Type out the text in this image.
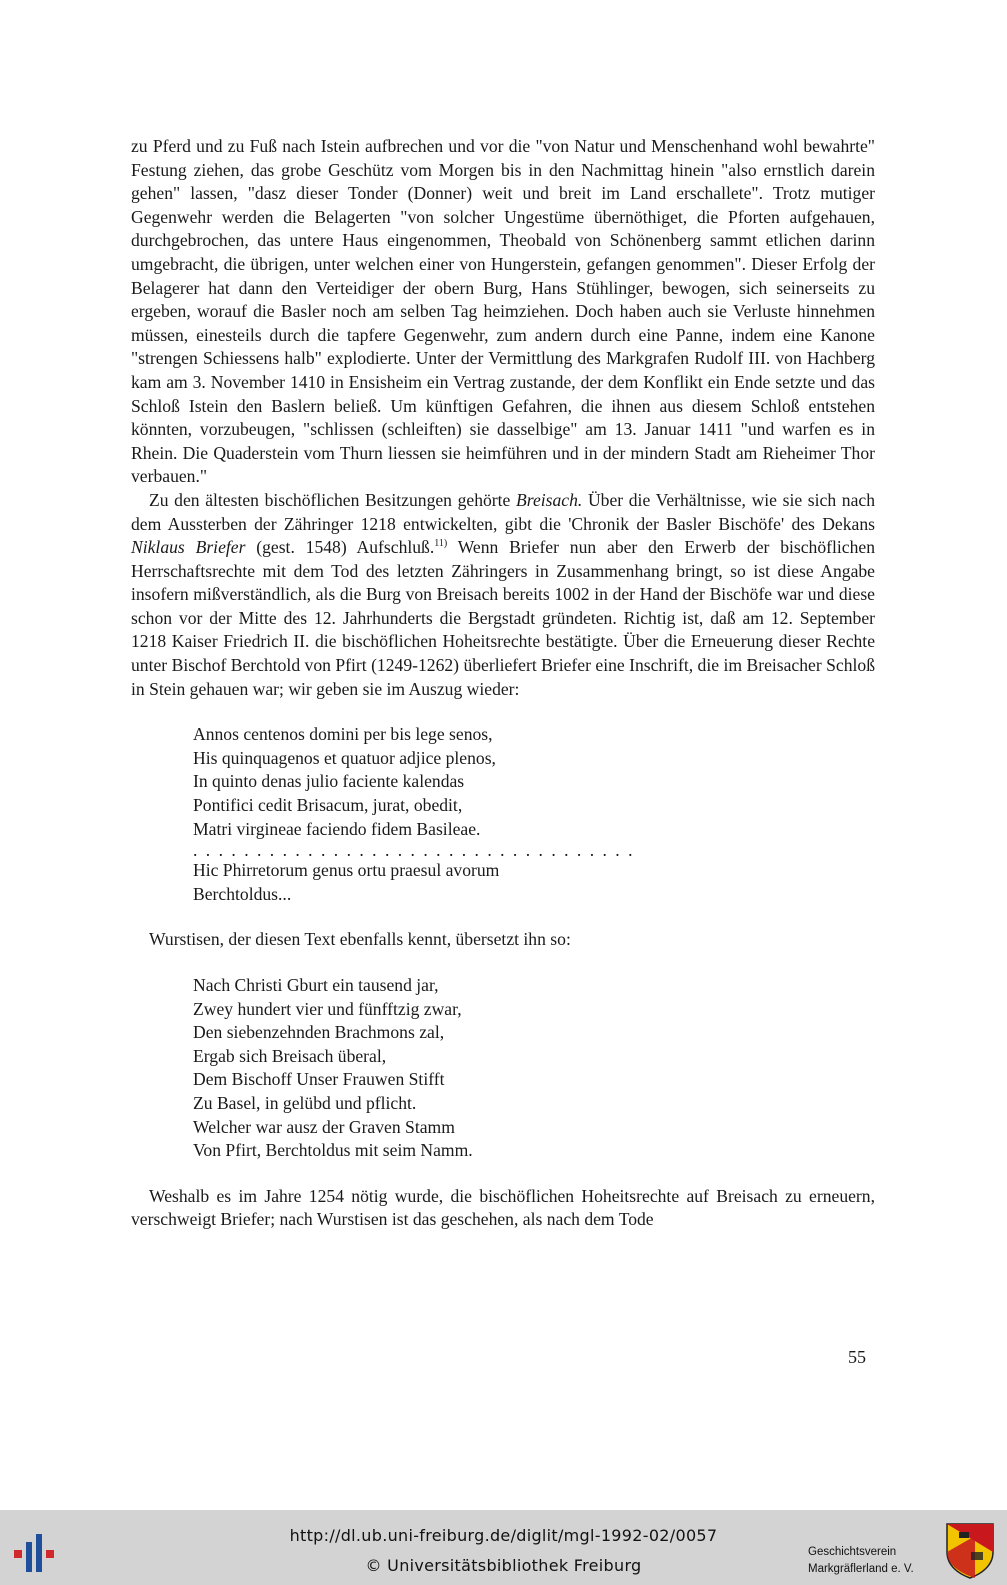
zu Pferd und zu Fuß nach Istein aufbrechen und vor die "von Natur und Menschenhand wohl bewahrte" Festung ziehen, das grobe Geschütz vom Morgen bis in den Nachmittag hinein "also ernstlich darein gehen" lassen, "dasz dieser Tonder (Donner) weit und breit im Land erschallete". Trotz mutiger Gegenwehr werden die Belagerten "von solcher Ungestüme übernöthiget, die Pforten aufgehauen, durchgebrochen, das untere Haus eingenommen, Theobald von Schönenberg sammt etlichen darinn umgebracht, die übrigen, unter welchen einer von Hungerstein, gefangen genommen". Dieser Erfolg der Belagerer hat dann den Verteidiger der obern Burg, Hans Stühlinger, bewogen, sich seinerseits zu ergeben, worauf die Basler noch am selben Tag heimziehen. Doch haben auch sie Verluste hinnehmen müssen, einesteils durch die tapfere Gegenwehr, zum andern durch eine Panne, indem eine Kanone "strengen Schiessens halb" explodierte. Unter der Vermittlung des Markgrafen Rudolf III. von Hachberg kam am 3. November 1410 in Ensisheim ein Vertrag zustande, der dem Konflikt ein Ende setzte und das Schloß Istein den Baslern beließ. Um künftigen Gefahren, die ihnen aus diesem Schloß entstehen könnten, vorzubeugen, "schlissen (schleiften) sie dasselbige" am 13. Januar 1411 "und warfen es in Rhein. Die Quaderstein vom Thurn liessen sie heimführen und in der mindern Stadt am Rieheimer Thor verbauen."

Zu den ältesten bischöflichen Besitzungen gehörte Breisach. Über die Verhältnisse, wie sie sich nach dem Aussterben der Zähringer 1218 entwickelten, gibt die 'Chronik der Basler Bischöfe' des Dekans Niklaus Briefer (gest. 1548) Aufschluß.$^{11)}$ Wenn Briefer nun aber den Erwerb der bischöflichen Herrschaftsrechte mit dem Tod des letzten Zähringers in Zusammenhang bringt, so ist diese Angabe insofern mißverständlich, als die Burg von Breisach bereits 1002 in der Hand der Bischöfe war und diese schon vor der Mitte des 12. Jahrhunderts die Bergstadt gründeten. Richtig ist, daß am 12. September 1218 Kaiser Friedrich II. die bischöflichen Hoheitsrechte bestätigte. Über die Erneuerung dieser Rechte unter Bischof Berchtold von Pfirt (1249-1262) überliefert Briefer eine Inschrift, die im Breisacher Schloß in Stein gehauen war; wir geben sie im Auszug wieder:

Annos centenos domini per bis lege senos,
His quinquagenos et quatuor adjice plenos,
In quinto denas julio faciente kalendas
Pontifici cedit Brisacum, jurat, obedit,
Matri virgineae faciendo fidem Basileae.
. . . . . . . . . . . . . . . . . . . . . . . . . . . . . . . . . . .
Hic Phirretorum genus ortu praesul avorum
Berchtoldus...

Wurstisen, der diesen Text ebenfalls kennt, übersetzt ihn so:

Nach Christi Gburt ein tausend jar,
Zwey hundert vier und fünfftzig zwar,
Den siebenzehnden Brachmons zal,
Ergab sich Breisach überal,
Dem Bischoff Unser Frauwen Stifft
Zu Basel, in gelübd und pflicht.
Welcher war ausz der Graven Stamm
Von Pfirt, Berchtoldus mit seim Namm.

Weshalb es im Jahre 1254 nötig wurde, die bischöflichen Hoheitsrechte auf Breisach zu erneuern, verschweigt Briefer; nach Wurstisen ist das geschehen, als nach dem Tode

55
http://dl.ub.uni-freiburg.de/diglit/mgl-1992-02/0057
© Universitätsbibliothek Freiburg
Geschichtsverein
Markgräflerland e. V.
